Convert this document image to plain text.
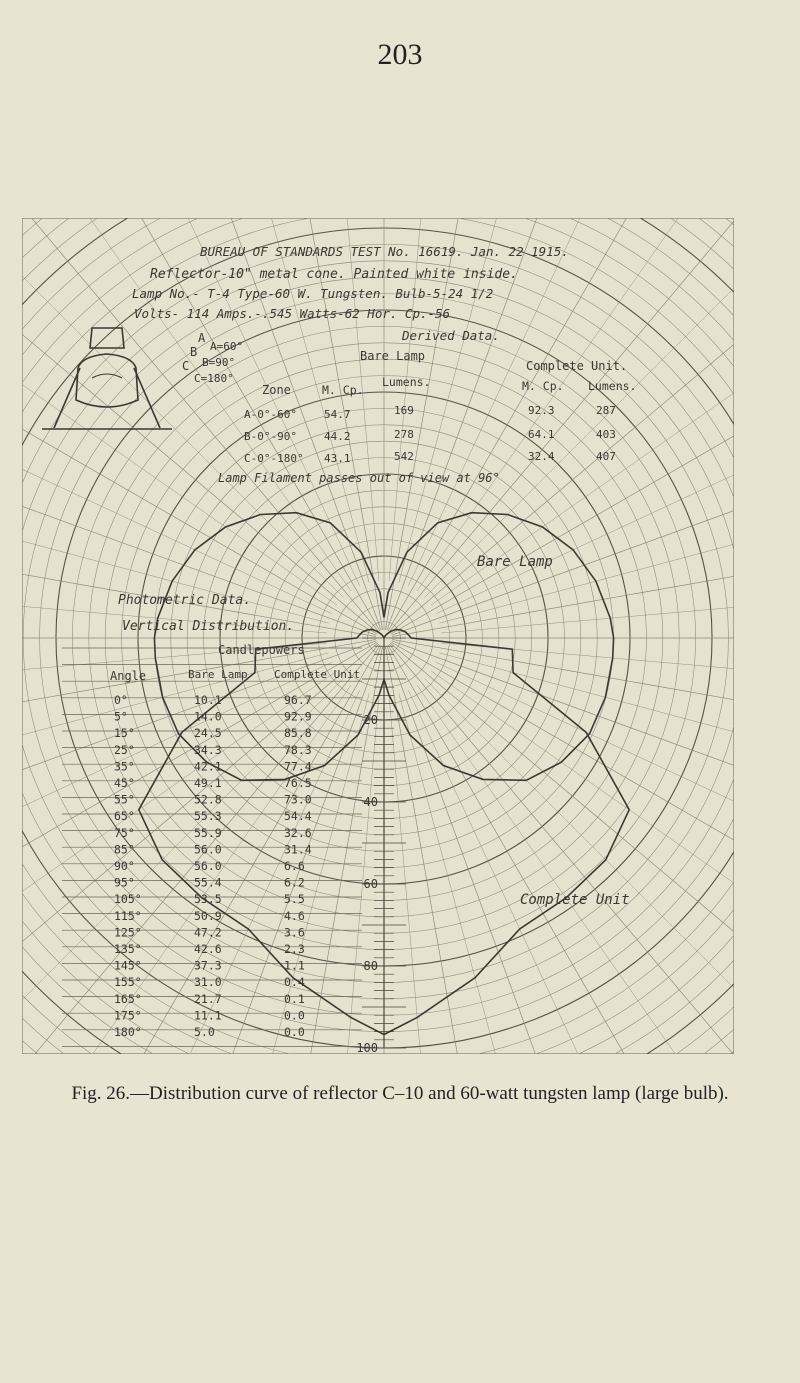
203
20
40
60
80
100
BUREAU OF STANDARDS TEST No. 16619. Jan. 22 1915.
Reflector-10" metal cone. Painted white inside.
Lamp No.- T-4 Type-60 W. Tungsten. Bulb-5-24 1/2
Volts- 114 Amps.-.545 Watts-62 Hor. Cp.-56
A
B
C
A=60°
B=90°
C=180°
Derived Data.
Bare Lamp
Complete Unit.
Zone	M. Cp.
Lumens.	M. Cp. Lumens.
A-0°-60° 54.7	169	92.3	287
B-0°-90° 44.2	278	64.1	403
C-0°-180° 43.1	542	32.4	407
Lamp Filament passes out of view at 96°
Photometric Data.
Vertical Distribution.
Candlepowers
Angle	Bare Lamp Complete Unit
0°	10.1	96.7
5°	14.0	92.9
15°	24.5	85.8
25°	34.3	78.3
35°	42.1	77.4
45°	49.1	76.5
55°	52.8	73.0
65°	55.3	54.4
75°	55.9	32.6
85°	56.0	31.4
90°	56.0	6.6
95°	55.4	6.2
105°	53.5	5.5
115°	50.9	4.6
125°	47.2	3.6
135°	42.6	2.3
145°	37.3	1.1
155°	31.0	0.4
165°	21.7	0.1
175°	11.1	0.0
180°	5.0	0.0
Bare Lamp
Complete Unit
Fig. 26.—Distribution curve of reflector C–10 and 60-watt tungsten lamp (large bulb).
